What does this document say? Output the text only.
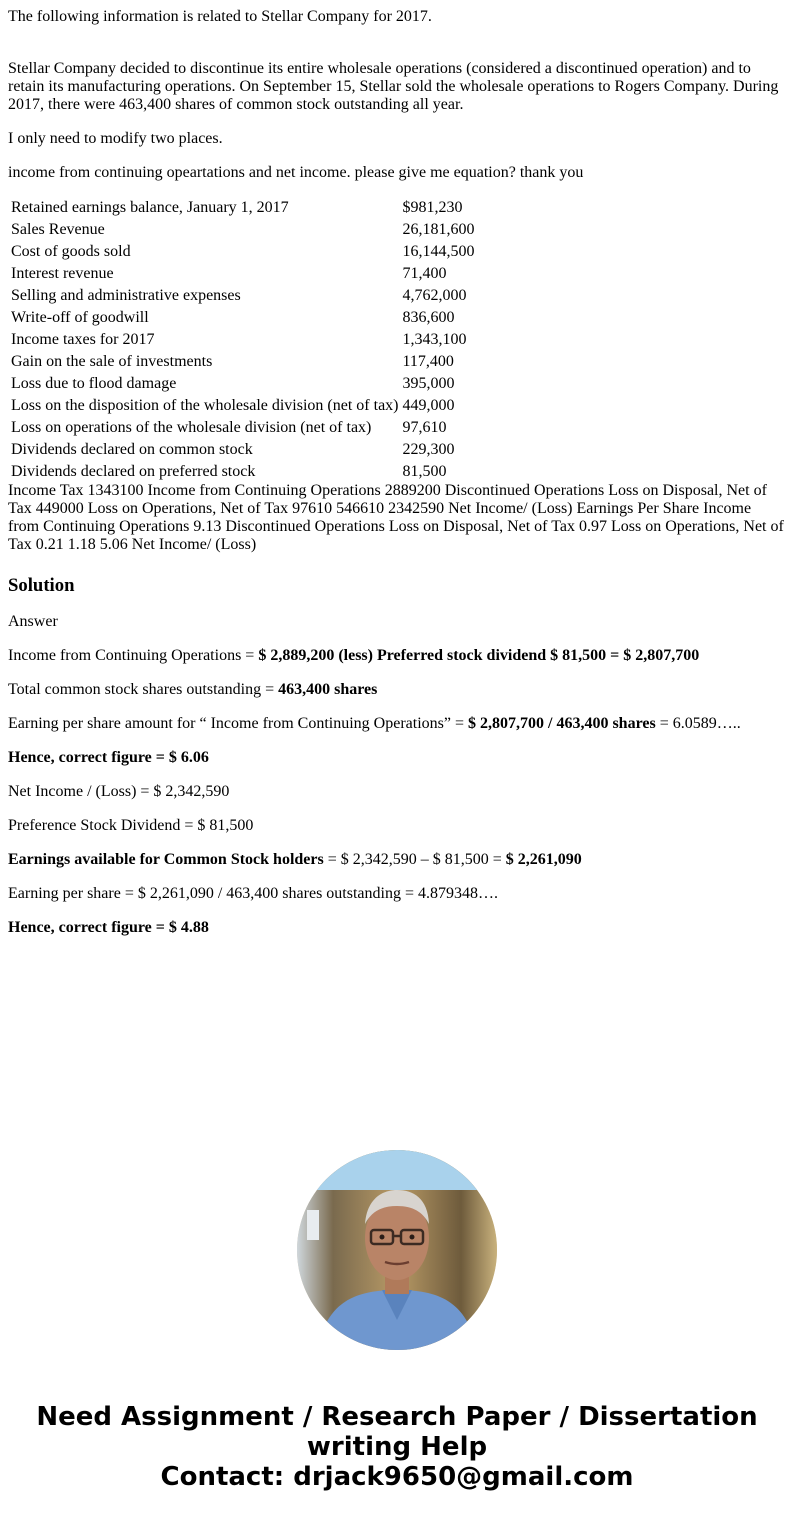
The following information is related to Stellar Company for 2017.

Stellar Company decided to discontinue its entire wholesale operations (considered a discontinued operation) and to retain its manufacturing operations. On September 15, Stellar sold the wholesale operations to Rogers Company. During 2017, there were 463,400 shares of common stock outstanding all year.

I only need to modify two places.

income from continuing opeartations and net income. please give me equation? thank you

Retained earnings balance, January 1, 2017	$981,230
Sales Revenue	26,181,600
Cost of goods sold	16,144,500
Interest revenue	71,400
Selling and administrative expenses	4,762,000
Write-off of goodwill	836,600
Income taxes for 2017	1,343,100
Gain on the sale of investments	117,400
Loss due to flood damage	395,000
Loss on the disposition of the wholesale division (net of tax)	449,000
Loss on operations of the wholesale division (net of tax)	97,610
Dividends declared on common stock	229,300
Dividends declared on preferred stock	81,500

Income Tax 1343100 Income from Continuing Operations 2889200 Discontinued Operations Loss on Disposal, Net of Tax 449000 Loss on Operations, Net of Tax 97610 546610 2342590 Net Income/ (Loss) Earnings Per Share Income from Continuing Operations 9.13 Discontinued Operations Loss on Disposal, Net of Tax 0.97 Loss on Operations, Net of Tax 0.21 1.18 5.06 Net Income/ (Loss)

Solution

Answer

Income from Continuing Operations = $ 2,889,200 (less) Preferred stock dividend $ 81,500 = $ 2,807,700

Total common stock shares outstanding = 463,400 shares

Earning per share amount for “ Income from Continuing Operations” = $ 2,807,700 / 463,400 shares = 6.0589…..

Hence, correct figure = $ 6.06

Net Income / (Loss) = $ 2,342,590

Preference Stock Dividend = $ 81,500

Earnings available for Common Stock holders = $ 2,342,590 – $ 81,500 = $ 2,261,090

Earning per share = $ 2,261,090 / 463,400 shares outstanding = 4.879348….

Hence, correct figure = $ 4.88

Need Assignment / Research Paper / Dissertation
writing Help
Contact: drjack9650@gmail.com
